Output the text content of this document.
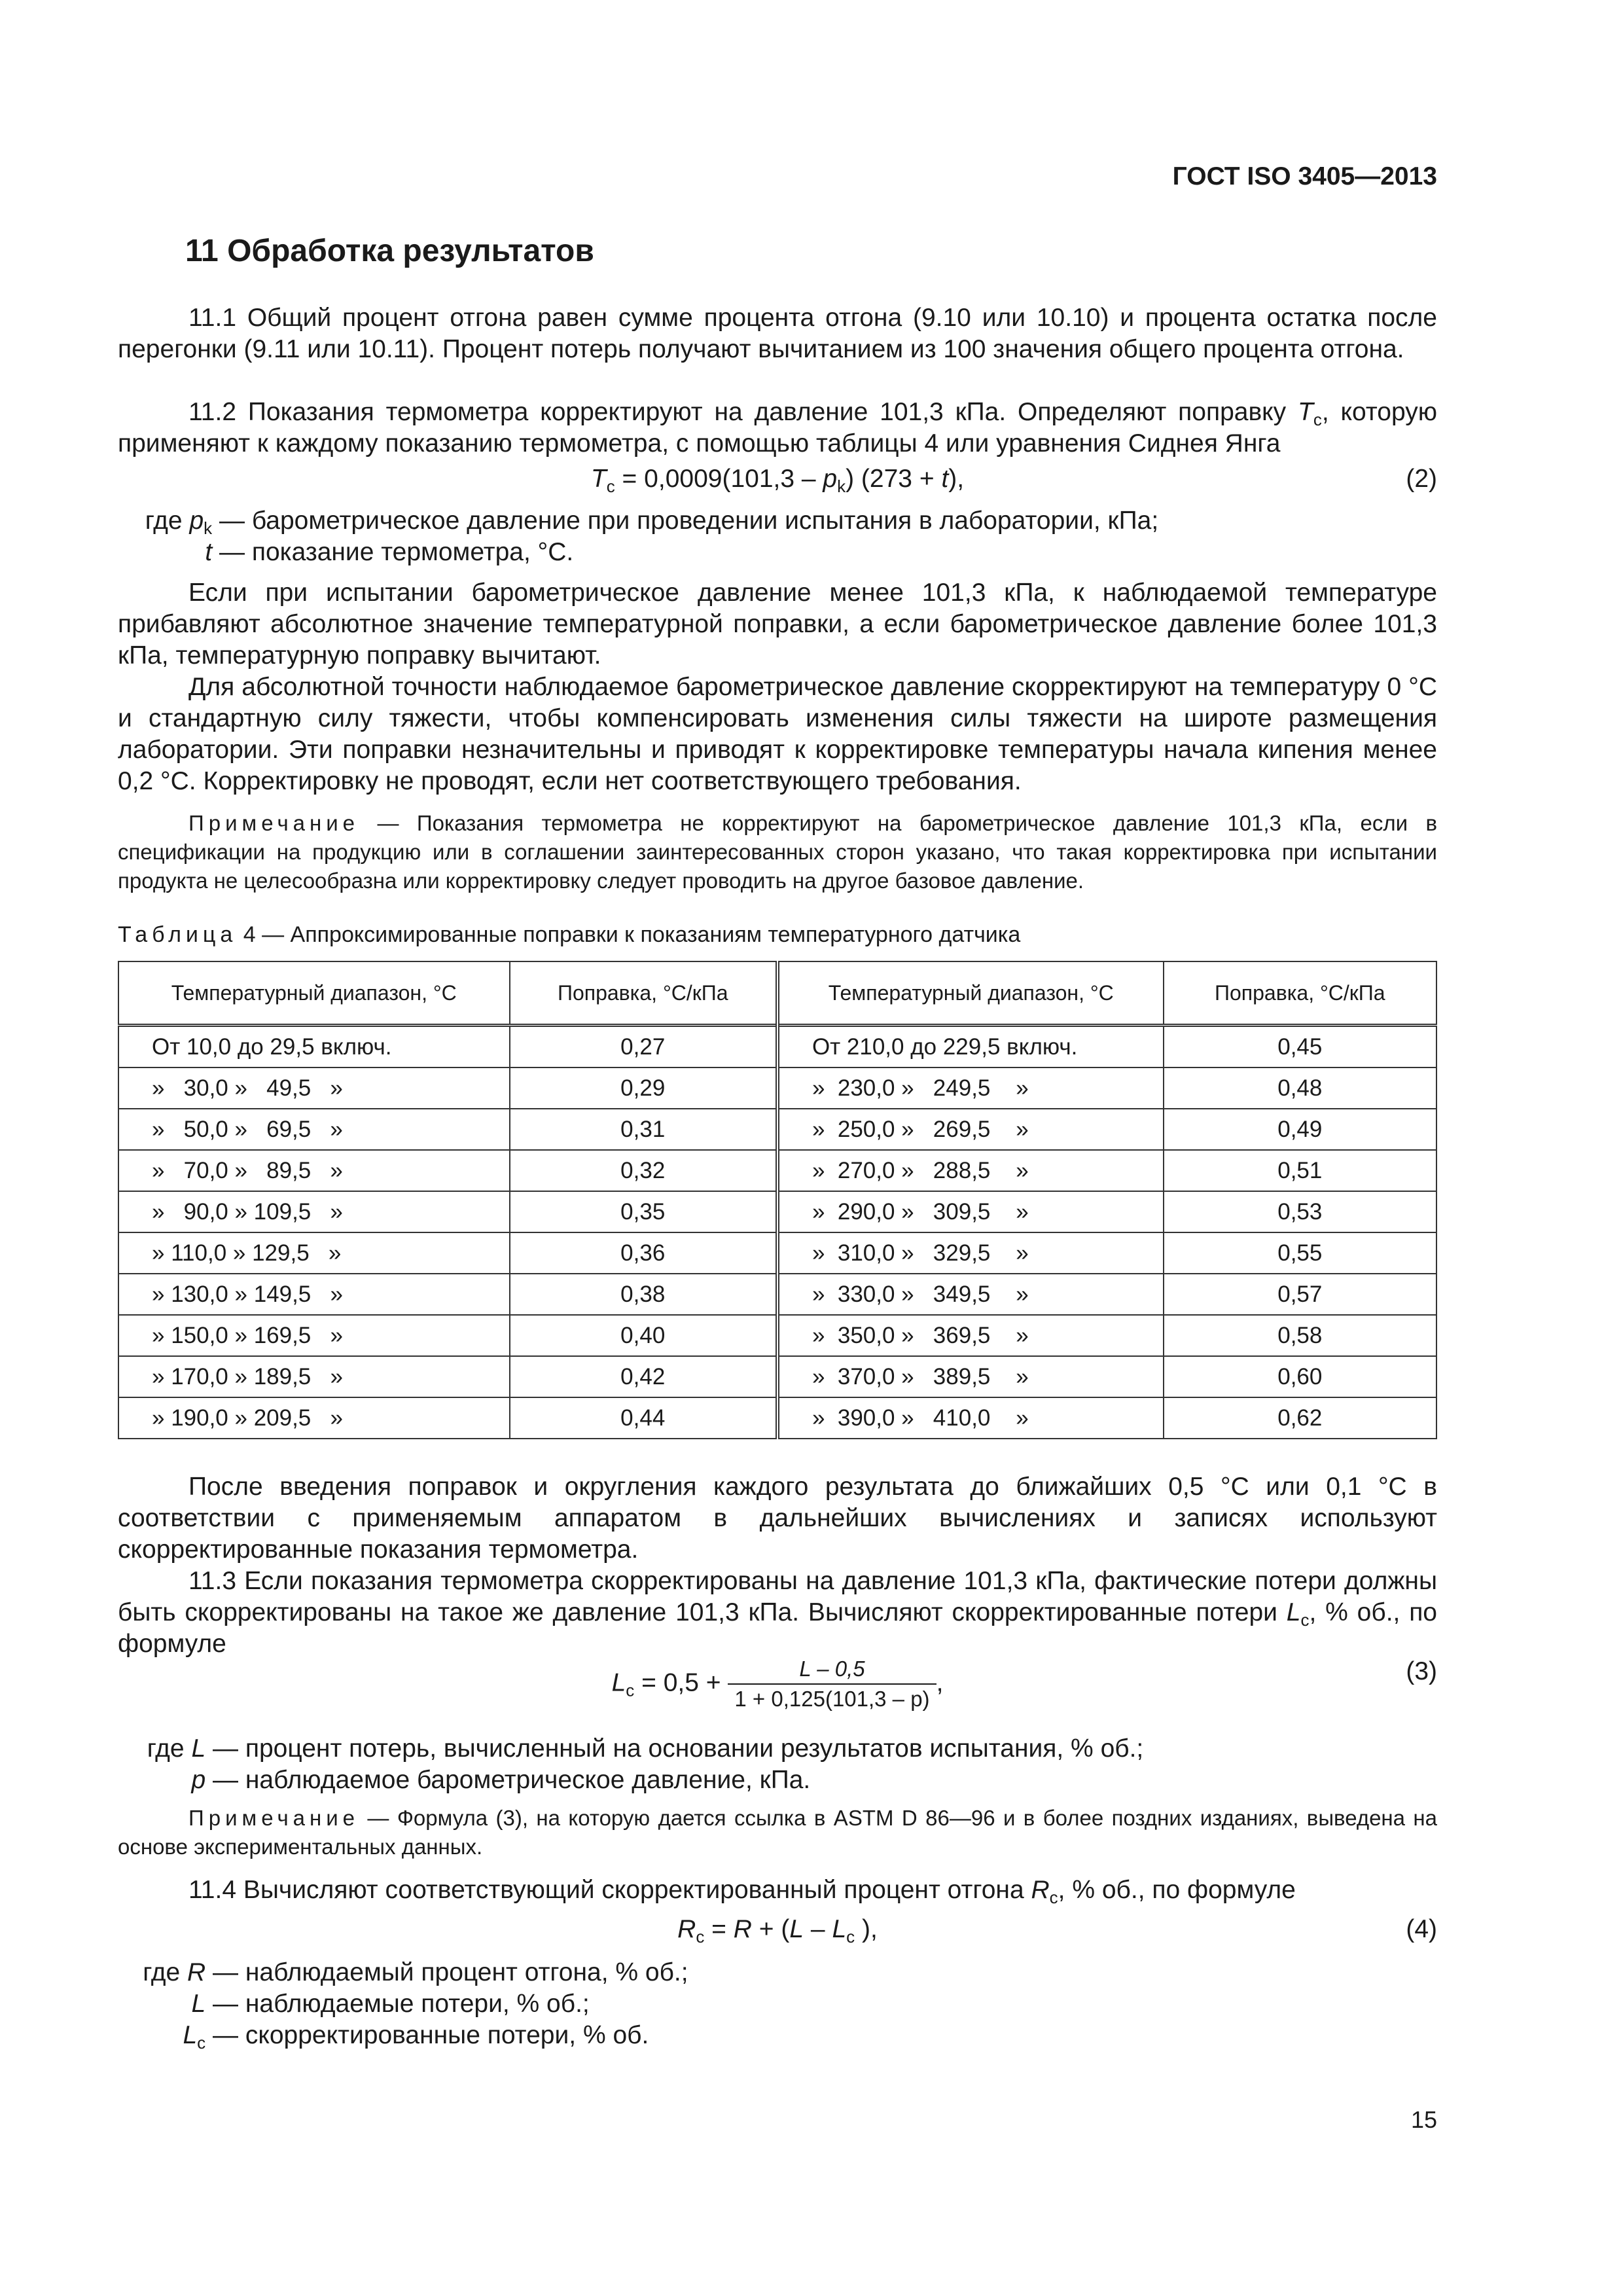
ГОСТ ISO 3405—2013
11 Обработка результатов
11.1 Общий процент отгона равен сумме процента отгона (9.10 или 10.10) и процента остатка после перегонки (9.11 или 10.11). Процент потерь получают вычитанием из 100 значения общего процента отгона.
11.2 Показания термометра корректируют на давление 101,3 кПа. Определяют поправку $T_c$, которую применяют к каждому показанию термометра, с помощью таблицы 4 или уравнения Сиднея Янга
$T_c = 0,0009(101,3 - p_k) (273 + t)$,	(2)
где $p_k$ — барометрическое давление при проведении испытания в лаборатории, кПа;
t — показание термометра, °С.
Если при испытании барометрическое давление менее 101,3 кПа, к наблюдаемой температуре прибавляют абсолютное значение температурной поправки, а если барометрическое давление более 101,3 кПа, температурную поправку вычитают.
Для абсолютной точности наблюдаемое барометрическое давление скорректируют на температуру 0 °С и стандартную силу тяжести, чтобы компенсировать изменения силы тяжести на широте размещения лаборатории. Эти поправки незначительны и приводят к корректировке температуры начала кипения менее 0,2 °С. Корректировку не проводят, если нет соответствующего требования.
Примечание — Показания термометра не корректируют на барометрическое давление 101,3 кПа, если в спецификации на продукцию или в соглашении заинтересованных сторон указано, что такая корректировка при испытании продукта не целесообразна или корректировку следует проводить на другое базовое давление.
Таблица 4 — Аппроксимированные поправки к показаниям температурного датчика
Температурный диапазон, °С	Поправка, °С/кПа	Температурный диапазон, °С	Поправка, °С/кПа
От 10,0 до 29,5 включ.	0,27	От 210,0 до 229,5 включ.	0,45
»   30,0 »   49,5   »	0,29	»  230,0 »   249,5    »	0,48
»   50,0 »   69,5   »	0,31	»  250,0 »   269,5    »	0,49
»   70,0 »   89,5   »	0,32	»  270,0 »   288,5    »	0,51
»   90,0 » 109,5   »	0,35	»  290,0 »   309,5    »	0,53
» 110,0 » 129,5   »	0,36	»  310,0 »   329,5    »	0,55
» 130,0 » 149,5   »	0,38	»  330,0 »   349,5    »	0,57
» 150,0 » 169,5   »	0,40	»  350,0 »   369,5    »	0,58
» 170,0 » 189,5   »	0,42	»  370,0 »   389,5    »	0,60
» 190,0 » 209,5   »	0,44	»  390,0 »   410,0    »	0,62
После введения поправок и округления каждого результата до ближайших 0,5 °С или 0,1 °С в соответствии с применяемым аппаратом в дальнейших вычислениях и записях используют скорректированные показания термометра.
11.3 Если показания термометра скорректированы на давление 101,3 кПа, фактические потери должны быть скорректированы на такое же давление 101,3 кПа. Вычисляют скорректированные потери $L_c$, % об., по формуле
$L_c = 0,5 + \frac{L - 0,5}{1 + 0,125(101,3 - p)}$ ,	(3)
где L — процент потерь, вычисленный на основании результатов испытания, % об.;
p — наблюдаемое барометрическое давление, кПа.
Примечание — Формула (3), на которую дается ссылка в ASTM D 86—96 и в более поздних изданиях, выведена на основе экспериментальных данных.
11.4 Вычисляют соответствующий скорректированный процент отгона $R_c$, % об., по формуле
$R_c = R + (L - L_c$ ),	(4)
где R — наблюдаемый процент отгона, % об.;
L — наблюдаемые потери, % об.;
$L_c$ — скорректированные потери, % об.
15
